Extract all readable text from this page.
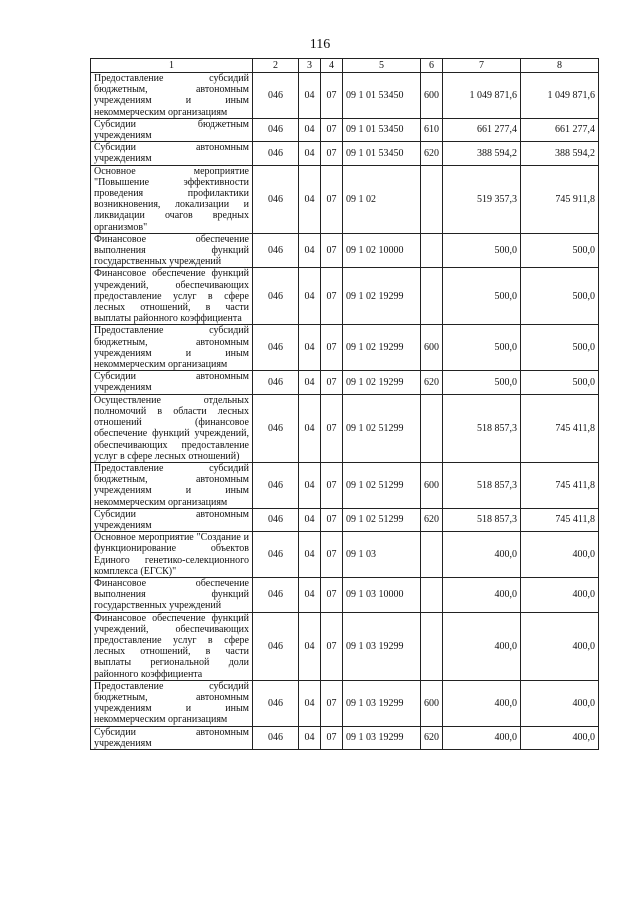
116
1	2	3	4	5	6	7	8
Предоставление субсидий бюджетным, автономным учреждениям и иным некоммерческим организациям	046	04	07	09 1 01 53450	600	1 049 871,6	1 049 871,6
Субсидии бюджетным учреждениям	046	04	07	09 1 01 53450	610	661 277,4	661 277,4
Субсидии автономным учреждениям	046	04	07	09 1 01 53450	620	388 594,2	388 594,2
Основное мероприятие "Повышение эффективности проведения профилактики возникновения, локализации и ликвидации очагов вредных организмов"	046	04	07	09 1 02		519 357,3	745 911,8
Финансовое обеспечение выполнения функций государственных учреждений	046	04	07	09 1 02 10000		500,0	500,0
Финансовое обеспечение функций учреждений, обеспечивающих предоставление услуг в сфере лесных отношений, в части выплаты районного коэффициента	046	04	07	09 1 02 19299		500,0	500,0
Предоставление субсидий бюджетным, автономным учреждениям и иным некоммерческим организациям	046	04	07	09 1 02 19299	600	500,0	500,0
Субсидии автономным учреждениям	046	04	07	09 1 02 19299	620	500,0	500,0
Осуществление отдельных полномочий в области лесных отношений (финансовое обеспечение функций учреждений, обеспечивающих предоставление услуг в сфере лесных отношений)	046	04	07	09 1 02 51299		518 857,3	745 411,8
Предоставление субсидий бюджетным, автономным учреждениям и иным некоммерческим организациям	046	04	07	09 1 02 51299	600	518 857,3	745 411,8
Субсидии автономным учреждениям	046	04	07	09 1 02 51299	620	518 857,3	745 411,8
Основное мероприятие "Создание и функционирование объектов Единого генетико-селекционного комплекса (ЕГСК)"	046	04	07	09 1 03		400,0	400,0
Финансовое обеспечение выполнения функций государственных учреждений	046	04	07	09 1 03 10000		400,0	400,0
Финансовое обеспечение функций учреждений, обеспечивающих предоставление услуг в сфере лесных отношений, в части выплаты региональной доли районного коэффициента	046	04	07	09 1 03 19299		400,0	400,0
Предоставление субсидий бюджетным, автономным учреждениям и иным некоммерческим организациям	046	04	07	09 1 03 19299	600	400,0	400,0
Субсидии автономным учреждениям	046	04	07	09 1 03 19299	620	400,0	400,0
